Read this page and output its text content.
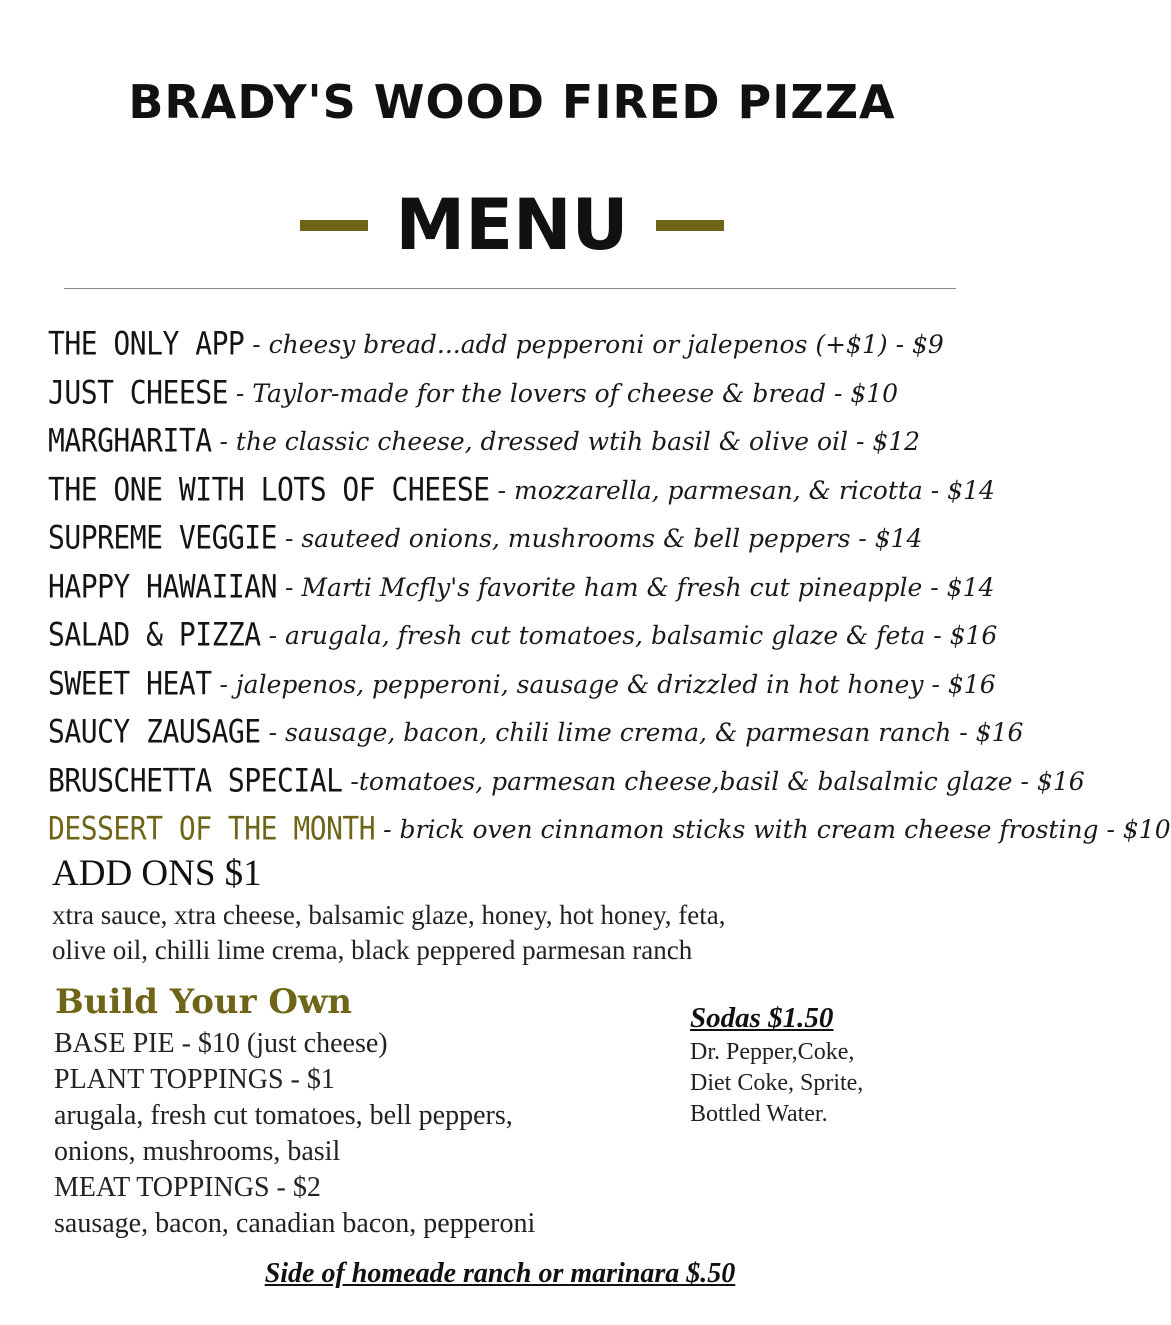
BRADY'S WOOD FIRED PIZZA
MENU
THE ONLY APP - cheesy bread...add pepperoni or jalepenos (+$1) - $9
JUST CHEESE - Taylor-made for the lovers of cheese & bread - $10
MARGHARITA - the classic cheese, dressed wtih basil & olive oil - $12
THE ONE WITH LOTS OF CHEESE - mozzarella, parmesan, & ricotta - $14
SUPREME VEGGIE - sauteed onions, mushrooms & bell peppers - $14
HAPPY HAWAIIAN - Marti Mcfly's favorite ham & fresh cut pineapple - $14
SALAD & PIZZA - arugala, fresh cut tomatoes, balsamic glaze & feta - $16
SWEET HEAT - jalepenos, pepperoni, sausage & drizzled in hot honey - $16
SAUCY ZAUSAGE - sausage, bacon, chili lime crema, & parmesan ranch - $16
BRUSCHETTA SPECIAL -tomatoes, parmesan cheese,basil & balsalmic glaze - $16
DESSERT OF THE MONTH - brick oven cinnamon sticks with cream cheese frosting - $10
ADD ONS $1
xtra sauce, xtra cheese, balsamic glaze, honey, hot honey, feta,
olive oil, chilli lime crema, black peppered parmesan ranch
Build Your Own
BASE PIE - $10 (just cheese)
PLANT TOPPINGS - $1
arugala, fresh cut tomatoes, bell peppers,
onions, mushrooms, basil
MEAT TOPPINGS - $2
sausage, bacon, canadian bacon, pepperoni
Sodas $1.50
Dr. Pepper,Coke,
Diet Coke, Sprite,
Bottled Water.
Side of homeade ranch or marinara $.50
